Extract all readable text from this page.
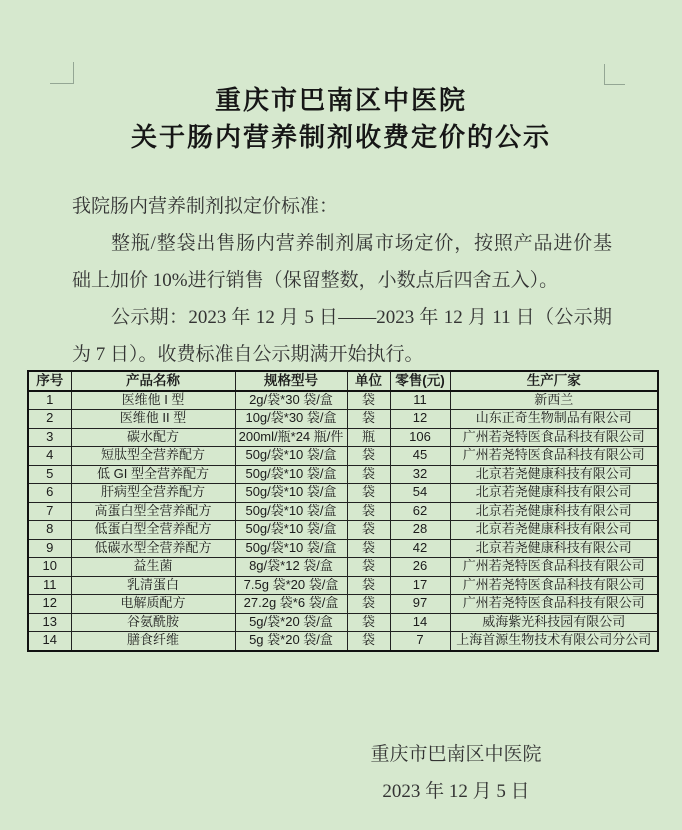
重庆市巴南区中医院
关于肠内营养制剂收费定价的公示
我院肠内营养制剂拟定价标准：
整瓶/整袋出售肠内营养制剂属市场定价，按照产品进价基
础上加价 10%进行销售（保留整数，小数点后四舍五入）。
公示期：2023 年 12 月 5 日——2023 年 12 月 11 日（公示期
为 7 日）。收费标准自公示期满开始执行。
序号	产品名称	规格型号	单位	零售(元)	生产厂家
1	医维他 I 型	2g/袋*30 袋/盒	袋	11	新西兰
2	医维他 II 型	10g/袋*30 袋/盒	袋	12	山东正奇生物制品有限公司
3	碳水配方	200ml/瓶*24 瓶/件	瓶	106	广州若尧特医食品科技有限公司
4	短肽型全营养配方	50g/袋*10 袋/盒	袋	45	广州若尧特医食品科技有限公司
5	低 GI 型全营养配方	50g/袋*10 袋/盒	袋	32	北京若尧健康科技有限公司
6	肝病型全营养配方	50g/袋*10 袋/盒	袋	54	北京若尧健康科技有限公司
7	高蛋白型全营养配方	50g/袋*10 袋/盒	袋	62	北京若尧健康科技有限公司
8	低蛋白型全营养配方	50g/袋*10 袋/盒	袋	28	北京若尧健康科技有限公司
9	低碳水型全营养配方	50g/袋*10 袋/盒	袋	42	北京若尧健康科技有限公司
10	益生菌	8g/袋*12 袋/盒	袋	26	广州若尧特医食品科技有限公司
11	乳清蛋白	7.5g 袋*20 袋/盒	袋	17	广州若尧特医食品科技有限公司
12	电解质配方	27.2g 袋*6 袋/盒	袋	97	广州若尧特医食品科技有限公司
13	谷氨酰胺	5g/袋*20 袋/盒	袋	14	威海紫光科技园有限公司
14	膳食纤维	5g 袋*20 袋/盒	袋	7	上海首源生物技术有限公司分公司
重庆市巴南区中医院
2023 年 12 月 5 日
